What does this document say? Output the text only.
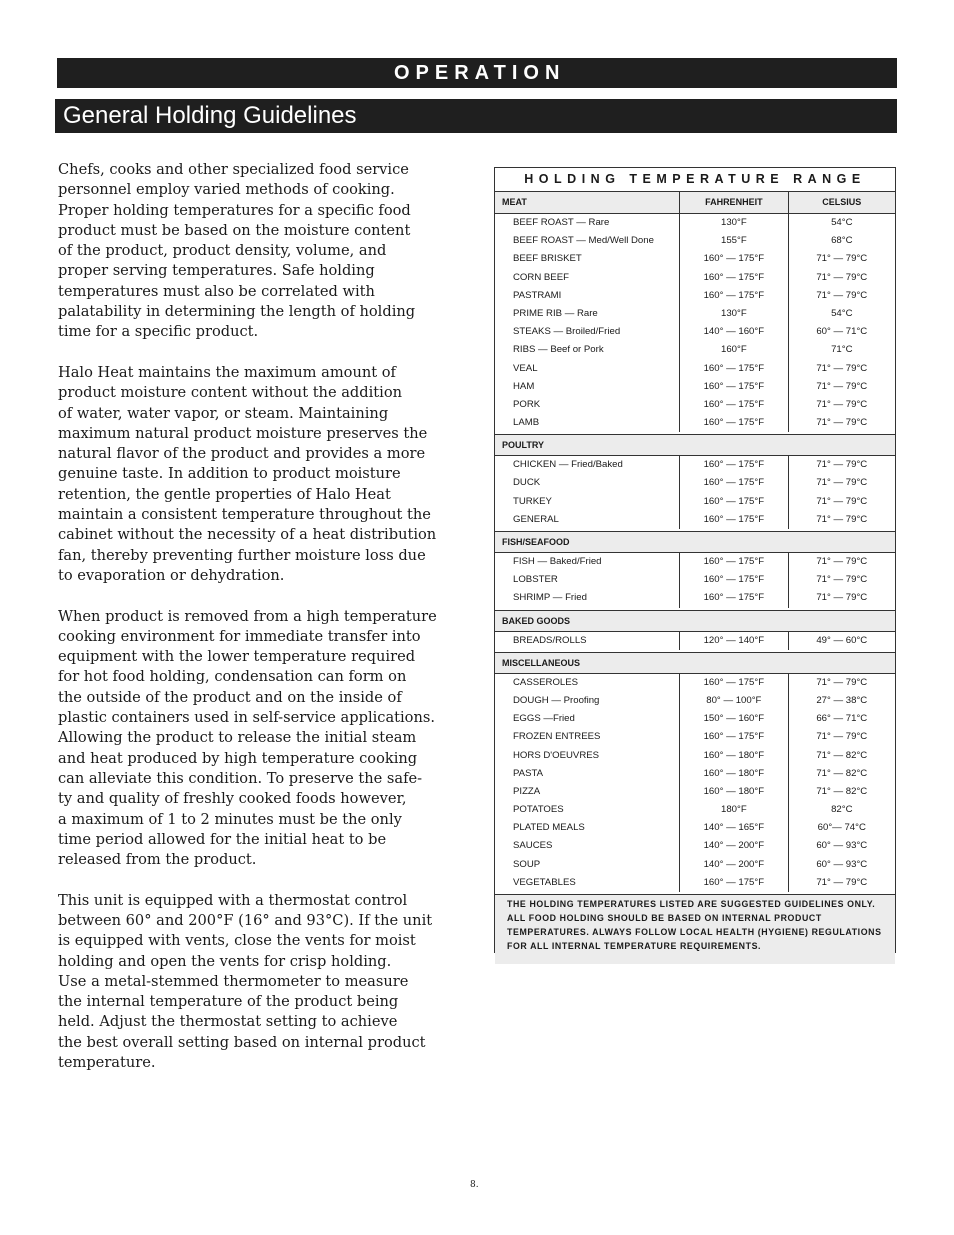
OPERATION
General Holding Guidelines

Chefs, cooks and other specialized food service
personnel employ varied methods of cooking.
Proper holding temperatures for a specific food
product must be based on the moisture content
of the product, product density, volume, and
proper serving temperatures. Safe holding
temperatures must also be correlated with
palatability in determining the length of holding
time for a specific product.

Halo Heat maintains the maximum amount of
product moisture content without the addition
of water, water vapor, or steam. Maintaining
maximum natural product moisture preserves the
natural flavor of the product and provides a more
genuine taste. In addition to product moisture
retention, the gentle properties of Halo Heat
maintain a consistent temperature throughout the
cabinet without the necessity of a heat distribution
fan, thereby preventing further moisture loss due
to evaporation or dehydration.

When product is removed from a high temperature
cooking environment for immediate transfer into
equipment with the lower temperature required
for hot food holding, condensation can form on
the outside of the product and on the inside of
plastic containers used in self-service applications.
Allowing the product to release the initial steam
and heat produced by high temperature cooking
can alleviate this condition. To preserve the safe-
ty and quality of freshly cooked foods however,
a maximum of 1 to 2 minutes must be the only
time period allowed for the initial heat to be
released from the product.

This unit is equipped with a thermostat control
between 60° and 200°F (16° and 93°C). If the unit
is equipped with vents, close the vents for moist
holding and open the vents for crisp holding.
Use a metal-stemmed thermometer to measure
the internal temperature of the product being
held. Adjust the thermostat setting to achieve
the best overall setting based on internal product
temperature.

HOLDING TEMPERATURE RANGE
MEAT	FAHRENHEIT	CELSIUS
BEEF ROAST — Rare	130°F	54°C
BEEF ROAST — Med/Well Done	155°F	68°C
BEEF BRISKET	160° — 175°F	71° — 79°C
CORN BEEF	160° — 175°F	71° — 79°C
PASTRAMI	160° — 175°F	71° — 79°C
PRIME RIB — Rare	130°F	54°C
STEAKS — Broiled/Fried	140° — 160°F	60° — 71°C
RIBS — Beef or Pork	160°F	71°C
VEAL	160° — 175°F	71° — 79°C
HAM	160° — 175°F	71° — 79°C
PORK	160° — 175°F	71° — 79°C
LAMB	160° — 175°F	71° — 79°C
POULTRY
CHICKEN — Fried/Baked	160° — 175°F	71° — 79°C
DUCK	160° — 175°F	71° — 79°C
TURKEY	160° — 175°F	71° — 79°C
GENERAL	160° — 175°F	71° — 79°C
FISH/SEAFOOD
FISH — Baked/Fried	160° — 175°F	71° — 79°C
LOBSTER	160° — 175°F	71° — 79°C
SHRIMP — Fried	160° — 175°F	71° — 79°C
BAKED GOODS
BREADS/ROLLS	120° — 140°F	49° — 60°C
MISCELLANEOUS
CASSEROLES	160° — 175°F	71° — 79°C
DOUGH — Proofing	80° — 100°F	27° — 38°C
EGGS —Fried	150° — 160°F	66° — 71°C
FROZEN ENTREES	160° — 175°F	71° — 79°C
HORS D'OEUVRES	160° — 180°F	71° — 82°C
PASTA	160° — 180°F	71° — 82°C
PIZZA	160° — 180°F	71° — 82°C
POTATOES	180°F	82°C
PLATED MEALS	140° — 165°F	60°— 74°C
SAUCES	140° — 200°F	60° — 93°C
SOUP	140° — 200°F	60° — 93°C
VEGETABLES	160° — 175°F	71° — 79°C
THE HOLDING TEMPERATURES LISTED ARE SUGGESTED GUIDELINES ONLY. ALL FOOD HOLDING SHOULD BE BASED ON INTERNAL PRODUCT TEMPERATURES. ALWAYS FOLLOW LOCAL HEALTH (HYGIENE) REGULATIONS FOR ALL INTERNAL TEMPERATURE REQUIREMENTS.
8.
